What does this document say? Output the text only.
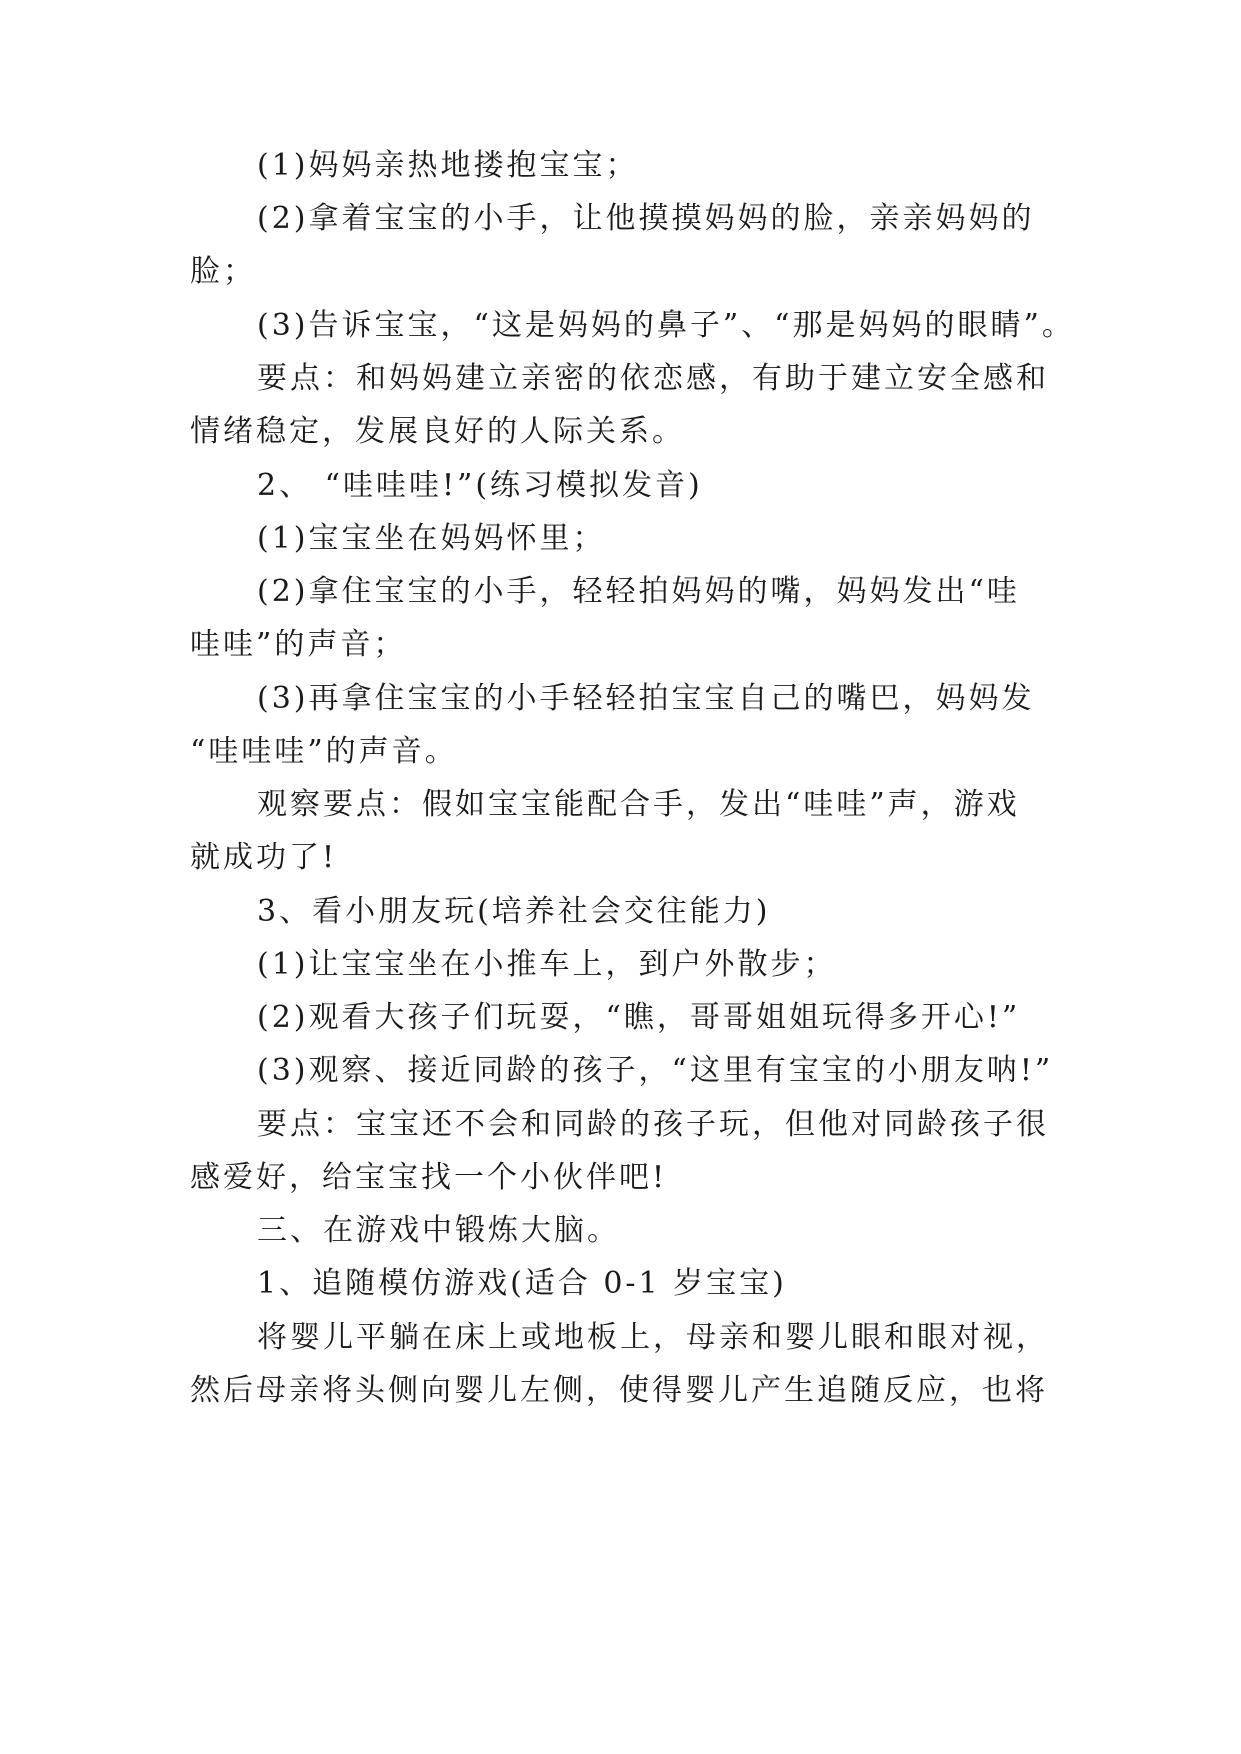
(1)妈妈亲热地搂抱宝宝；
(2)拿着宝宝的小手，让他摸摸妈妈的脸，亲亲妈妈的
脸；
(3)告诉宝宝，“这是妈妈的鼻子”、“那是妈妈的眼睛”。
要点：和妈妈建立亲密的依恋感，有助于建立安全感和
情绪稳定，发展良好的人际关系。
2、 “哇哇哇!”(练习模拟发音)
(1)宝宝坐在妈妈怀里；
(2)拿住宝宝的小手，轻轻拍妈妈的嘴，妈妈发出“哇
哇哇”的声音；
(3)再拿住宝宝的小手轻轻拍宝宝自己的嘴巴，妈妈发
“哇哇哇”的声音。
观察要点：假如宝宝能配合手，发出“哇哇”声，游戏
就成功了!
3、看小朋友玩(培养社会交往能力)
(1)让宝宝坐在小推车上，到户外散步；
(2)观看大孩子们玩耍，“瞧，哥哥姐姐玩得多开心!”
(3)观察、接近同龄的孩子，“这里有宝宝的小朋友呐!”
要点：宝宝还不会和同龄的孩子玩，但他对同龄孩子很
感爱好，给宝宝找一个小伙伴吧!
三、在游戏中锻炼大脑。
1、追随模仿游戏(适合 0-1 岁宝宝)
将婴儿平躺在床上或地板上，母亲和婴儿眼和眼对视，
然后母亲将头侧向婴儿左侧，使得婴儿产生追随反应，也将
